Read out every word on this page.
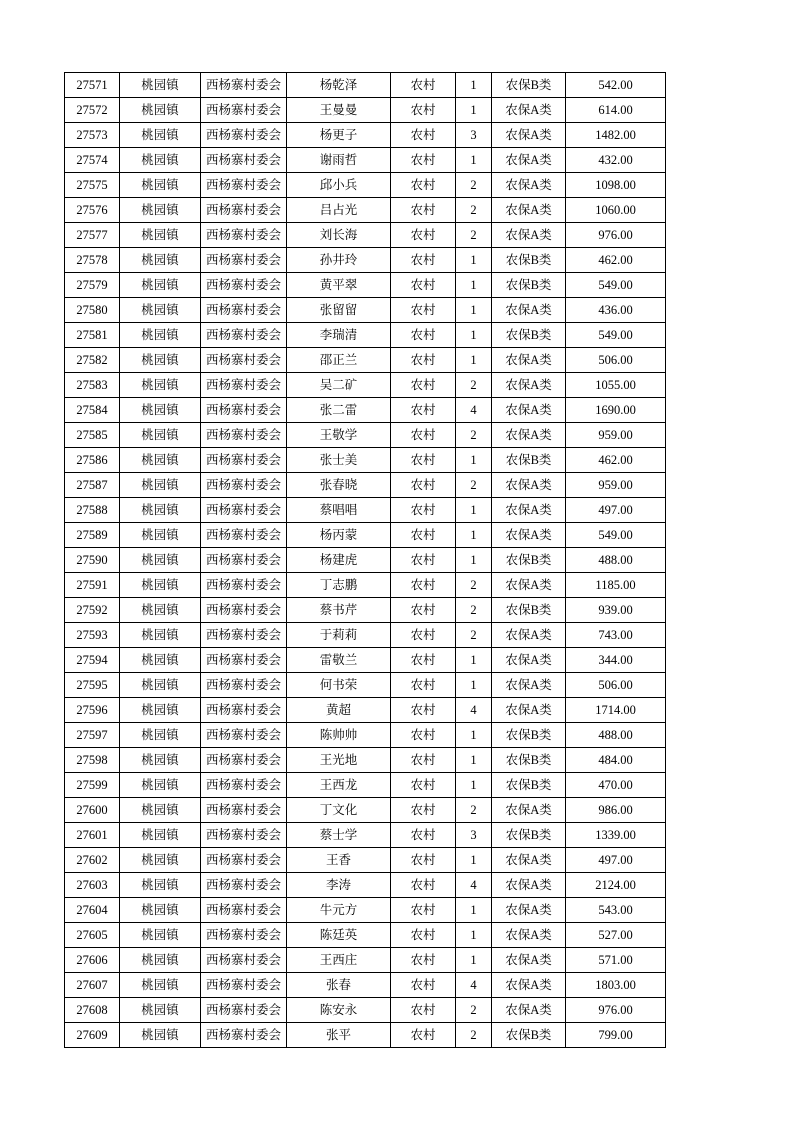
27571	桃园镇	西杨寨村委会	杨乾泽	农村	1	农保B类	542.00
27572	桃园镇	西杨寨村委会	王曼曼	农村	1	农保A类	614.00
27573	桃园镇	西杨寨村委会	杨更子	农村	3	农保A类	1482.00
27574	桃园镇	西杨寨村委会	谢雨哲	农村	1	农保A类	432.00
27575	桃园镇	西杨寨村委会	邱小兵	农村	2	农保A类	1098.00
27576	桃园镇	西杨寨村委会	吕占光	农村	2	农保A类	1060.00
27577	桃园镇	西杨寨村委会	刘长海	农村	2	农保A类	976.00
27578	桃园镇	西杨寨村委会	孙井玲	农村	1	农保B类	462.00
27579	桃园镇	西杨寨村委会	黄平翠	农村	1	农保B类	549.00
27580	桃园镇	西杨寨村委会	张留留	农村	1	农保A类	436.00
27581	桃园镇	西杨寨村委会	李瑞清	农村	1	农保B类	549.00
27582	桃园镇	西杨寨村委会	邵正兰	农村	1	农保A类	506.00
27583	桃园镇	西杨寨村委会	吴二矿	农村	2	农保A类	1055.00
27584	桃园镇	西杨寨村委会	张二雷	农村	4	农保A类	1690.00
27585	桃园镇	西杨寨村委会	王敬学	农村	2	农保A类	959.00
27586	桃园镇	西杨寨村委会	张士美	农村	1	农保B类	462.00
27587	桃园镇	西杨寨村委会	张春晓	农村	2	农保A类	959.00
27588	桃园镇	西杨寨村委会	蔡唱唱	农村	1	农保A类	497.00
27589	桃园镇	西杨寨村委会	杨丙蒙	农村	1	农保A类	549.00
27590	桃园镇	西杨寨村委会	杨建虎	农村	1	农保B类	488.00
27591	桃园镇	西杨寨村委会	丁志鹏	农村	2	农保A类	1185.00
27592	桃园镇	西杨寨村委会	蔡书芹	农村	2	农保B类	939.00
27593	桃园镇	西杨寨村委会	于莉莉	农村	2	农保A类	743.00
27594	桃园镇	西杨寨村委会	雷敬兰	农村	1	农保A类	344.00
27595	桃园镇	西杨寨村委会	何书荣	农村	1	农保A类	506.00
27596	桃园镇	西杨寨村委会	黄超	农村	4	农保A类	1714.00
27597	桃园镇	西杨寨村委会	陈帅帅	农村	1	农保B类	488.00
27598	桃园镇	西杨寨村委会	王光地	农村	1	农保B类	484.00
27599	桃园镇	西杨寨村委会	王西龙	农村	1	农保B类	470.00
27600	桃园镇	西杨寨村委会	丁文化	农村	2	农保A类	986.00
27601	桃园镇	西杨寨村委会	蔡士学	农村	3	农保B类	1339.00
27602	桃园镇	西杨寨村委会	王香	农村	1	农保A类	497.00
27603	桃园镇	西杨寨村委会	李涛	农村	4	农保A类	2124.00
27604	桃园镇	西杨寨村委会	牛元方	农村	1	农保A类	543.00
27605	桃园镇	西杨寨村委会	陈廷英	农村	1	农保A类	527.00
27606	桃园镇	西杨寨村委会	王西庄	农村	1	农保A类	571.00
27607	桃园镇	西杨寨村委会	张春	农村	4	农保A类	1803.00
27608	桃园镇	西杨寨村委会	陈安永	农村	2	农保A类	976.00
27609	桃园镇	西杨寨村委会	张平	农村	2	农保B类	799.00
